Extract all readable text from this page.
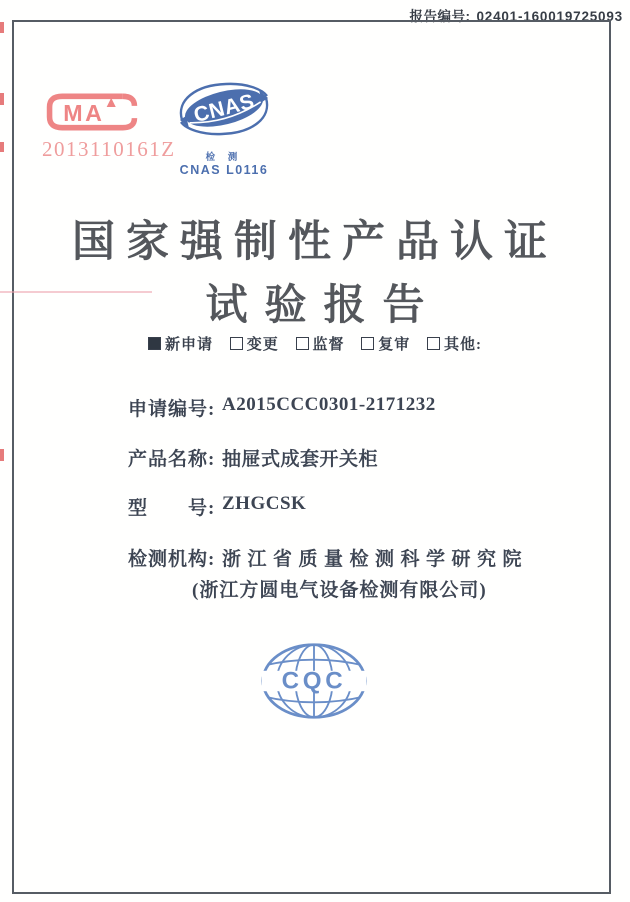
报告编号: 02401-160019725093
MA
2013110161Z
CNAS
检 测
CNAS L0116
国家强制性产品认证
试验报告
新申请 变更 监督 复审 其他:
申请编号: A2015CCC0301-2171232
产品名称: 抽屉式成套开关柜
型　　号: ZHGCSK
检测机构: 浙江省质量检测科学研究院
(浙江方圆电气设备检测有限公司)
CQC
